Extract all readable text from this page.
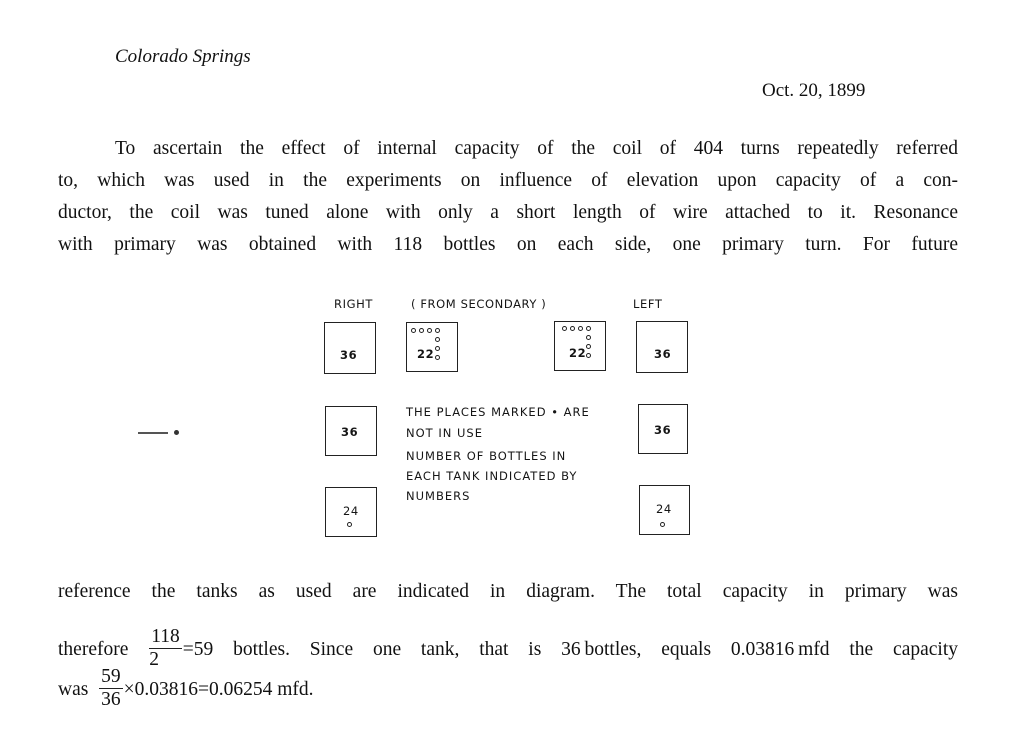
Colorado Springs
Oct. 20, 1899
To ascertain the effect of internal capacity of the coil of 404 turns repeatedly referred
to, which was used in the experiments on influence of elevation upon capacity of a con-
ductor, the coil was tuned alone with only a short length of wire attached to it. Resonance
with primary was obtained with 118 bottles on each side, one primary turn. For future
RIGHT	( FROM SECONDARY )	LEFT
36	22	22	36
36	36
24	24
THE PLACES MARKED • ARE
NOT IN USE
NUMBER OF BOTTLES IN
EACH TANK INDICATED BY
NUMBERS
reference the tanks as used are indicated in diagram. The total capacity in primary was
therefore $\frac{118}{2} =59$ bottles. Since one tank, that is 36 bottles, equals 0.03816 mfd the capacity
was $\frac{59}{36} \times 0.03816=0.06254$ mfd.
